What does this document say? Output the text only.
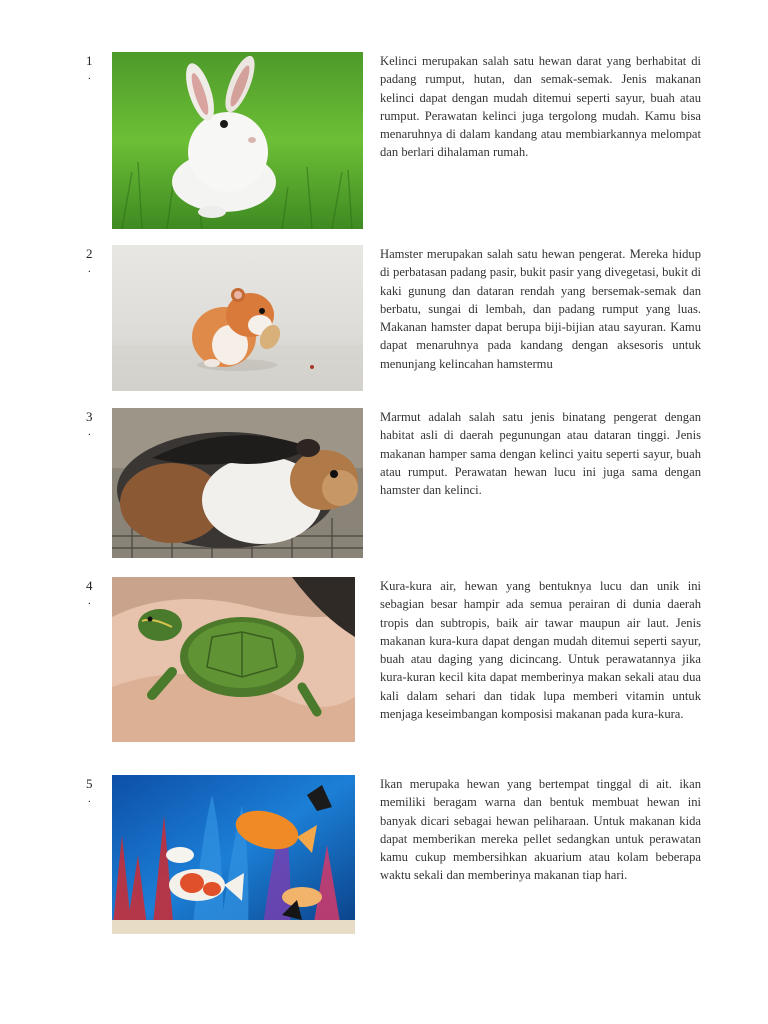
1
.

Kelinci merupakan salah satu hewan darat yang berhabitat di padang rumput, hutan, dan semak-semak. Jenis makanan kelinci dapat dengan mudah ditemui seperti sayur, buah atau rumput. Perawatan kelinci juga tergolong mudah. Kamu bisa menaruhnya di dalam kandang atau membiarkannya melompat dan berlari dihalaman rumah.

2
.

Hamster merupakan salah satu hewan pengerat. Mereka hidup di perbatasan padang pasir, bukit pasir yang divegetasi, bukit di kaki gunung dan dataran rendah yang bersemak-semak dan berbatu, sungai di lembah, dan padang rumput yang luas. Makanan hamster dapat berupa biji-bijian atau sayuran. Kamu dapat menaruhnya pada kandang dengan aksesoris untuk menunjang kelincahan hamstermu

3
.

Marmut adalah salah satu jenis binatang pengerat dengan habitat asli di daerah pegunungan atau dataran tinggi. Jenis makanan hamper sama dengan kelinci yaitu seperti sayur, buah atau rumput. Perawatan hewan lucu ini juga sama dengan hamster dan kelinci.

4
.

Kura-kura air, hewan yang bentuknya lucu dan unik ini sebagian besar hampir ada semua perairan di dunia daerah tropis dan subtropis, baik air tawar maupun air laut. Jenis makanan kura-kura dapat dengan mudah ditemui seperti sayur, buah atau daging yang dicincang. Untuk perawatannya jika kura-kuran kecil kita dapat memberinya makan sekali atau dua kali dalam sehari dan tidak lupa memberi vitamin untuk menjaga keseimbangan komposisi makanan pada kura-kura.

5
.

Ikan merupaka hewan yang bertempat tinggal di ait. ikan memiliki beragam warna dan bentuk membuat hewan ini banyak dicari sebagai hewan peliharaan. Untuk makanan kida dapat memberikan mereka pellet sedangkan untuk perawatan kamu cukup membersihkan akuarium atau kolam beberapa waktu sekali dan memberinya makanan tiap hari.
